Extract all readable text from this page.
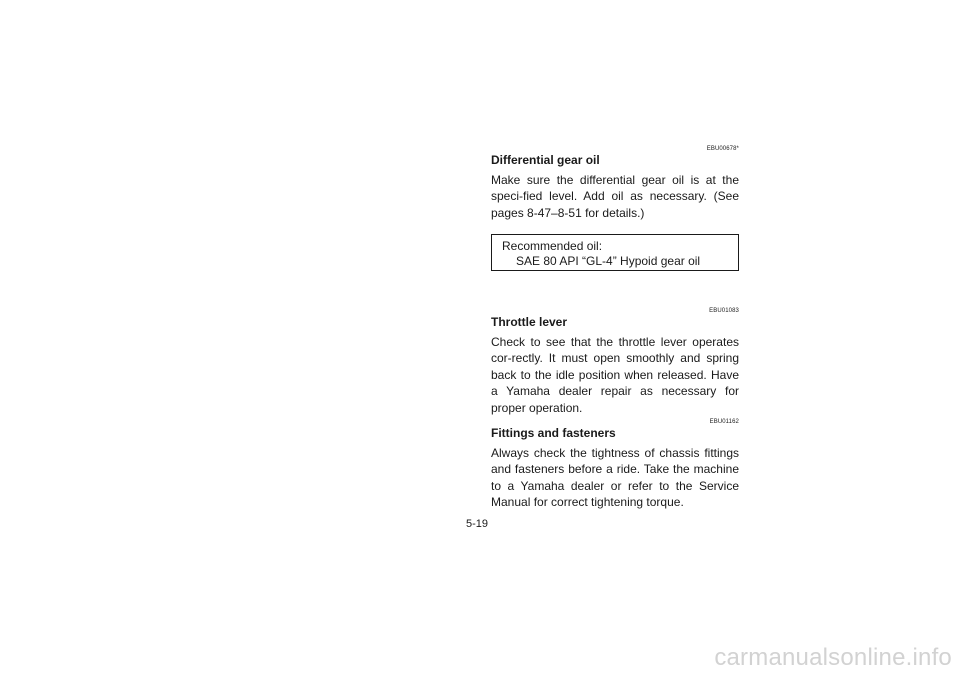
EBU00678*
Differential gear oil

Make sure the differential gear oil is at the speci-fied level. Add oil as necessary. (See pages 8-47–8-51 for details.)

Recommended oil:
SAE 80 API “GL-4” Hypoid gear oil
EBU01083
Throttle lever

Check to see that the throttle lever operates cor-rectly. It must open smoothly and spring back to the idle position when released. Have a Yamaha dealer repair as necessary for proper operation.

EBU01162
Fittings and fasteners

Always check the tightness of chassis fittings and fasteners before a ride. Take the machine to a Yamaha dealer or refer to the Service Manual for correct tightening torque.

5-19
carmanualsonline.info
